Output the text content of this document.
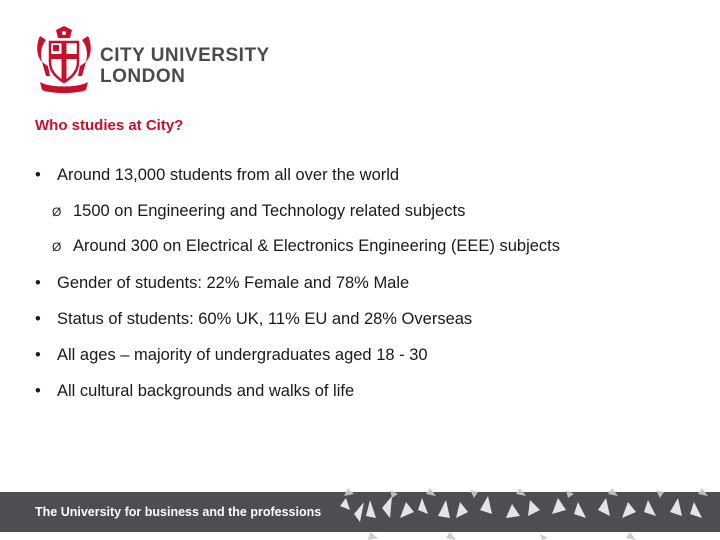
CITY UNIVERSITY
LONDON
Who studies at City?
• Around 13,000 students from all over the world
Ø 1500 on Engineering and Technology related subjects
Ø Around 300 on Electrical & Electronics Engineering (EEE) subjects
• Gender of students: 22% Female and 78% Male
• Status of students: 60% UK, 11% EU and 28% Overseas
• All ages – majority of undergraduates aged 18 - 30
• All cultural backgrounds and walks of life
The University for business and the professions
